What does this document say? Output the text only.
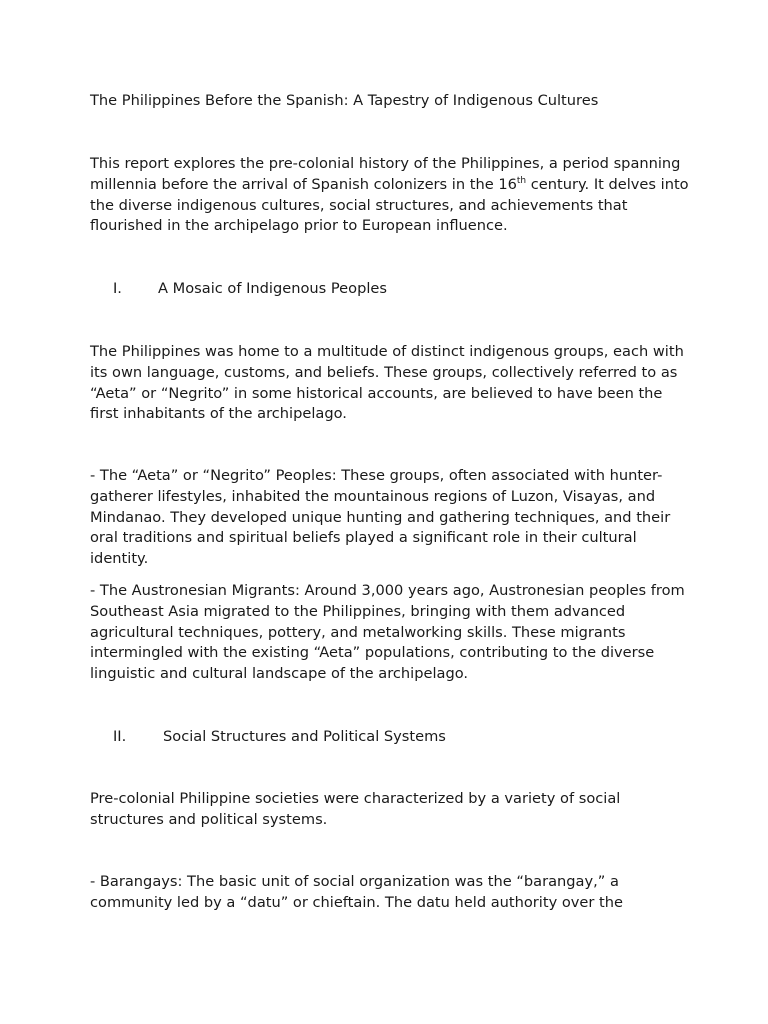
The Philippines Before the Spanish: A Tapestry of Indigenous Cultures

This report explores the pre-colonial history of the Philippines, a period spanning millennia before the arrival of Spanish colonizers in the 16th century. It delves into the diverse indigenous cultures, social structures, and achievements that flourished in the archipelago prior to European influence.

I. A Mosaic of Indigenous Peoples

The Philippines was home to a multitude of distinct indigenous groups, each with its own language, customs, and beliefs. These groups, collectively referred to as “Aeta” or “Negrito” in some historical accounts, are believed to have been the first inhabitants of the archipelago.

- The “Aeta” or “Negrito” Peoples: These groups, often associated with hunter-gatherer lifestyles, inhabited the mountainous regions of Luzon, Visayas, and Mindanao. They developed unique hunting and gathering techniques, and their oral traditions and spiritual beliefs played a significant role in their cultural identity.

- The Austronesian Migrants: Around 3,000 years ago, Austronesian peoples from Southeast Asia migrated to the Philippines, bringing with them advanced agricultural techniques, pottery, and metalworking skills. These migrants intermingled with the existing “Aeta” populations, contributing to the diverse linguistic and cultural landscape of the archipelago.

II.	Social Structures and Political Systems

Pre-colonial Philippine societies were characterized by a variety of social structures and political systems.

- Barangays: The basic unit of social organization was the “barangay,” a community led by a “datu” or chieftain. The datu held authority over the
